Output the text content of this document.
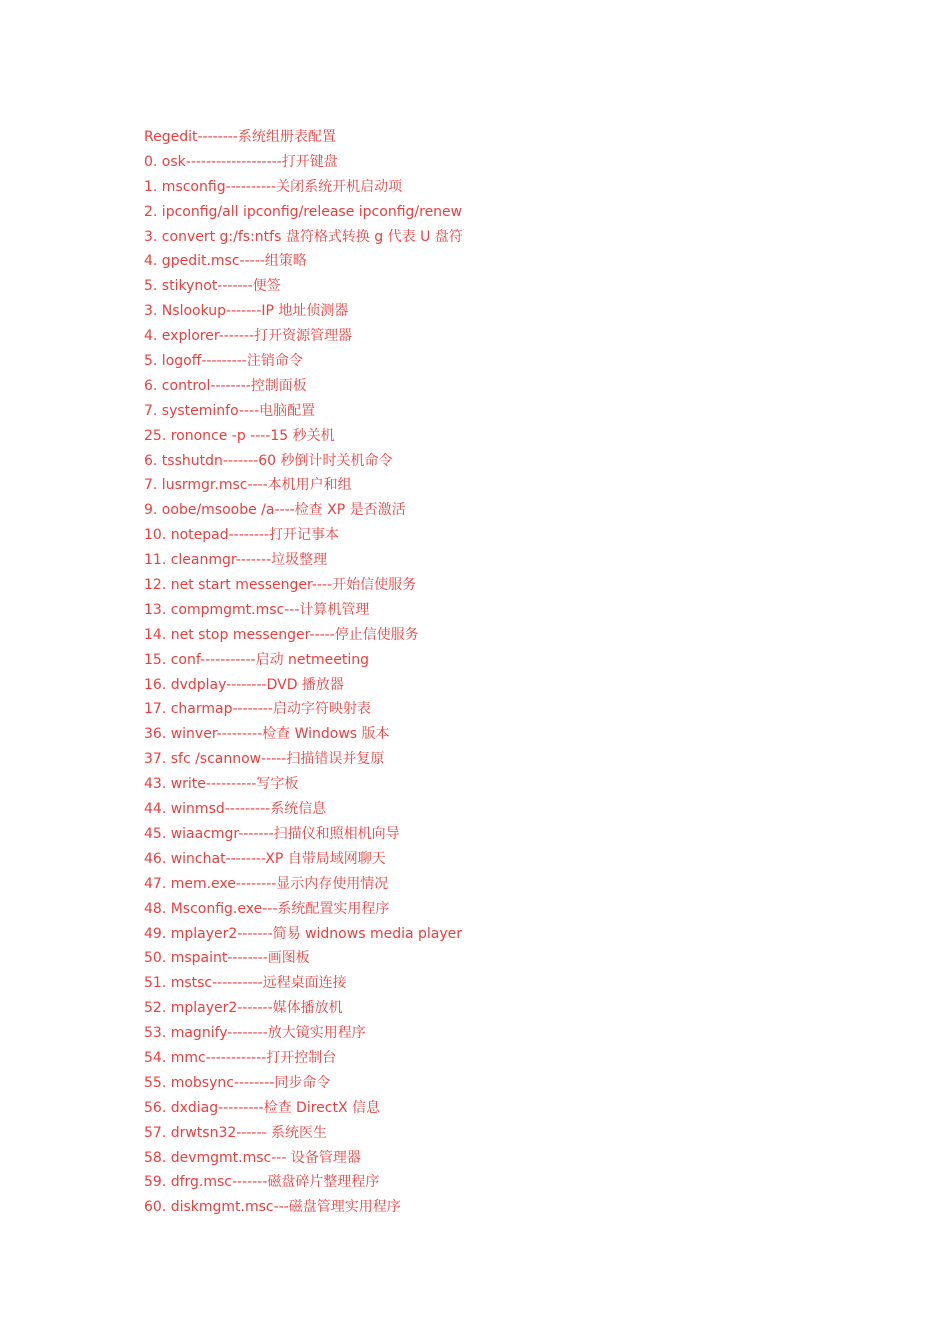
Regedit--------系统组册表配置
0. osk-------------------打开键盘
1. msconfig----------关闭系统开机启动项
2. ipconfig/all ipconfig/release ipconfig/renew
3. convert g:/fs:ntfs 盘符格式转换 g 代表 U 盘符
4. gpedit.msc-----组策略
5. stikynot-------便签
3. Nslookup-------IP 地址侦测器
4. explorer-------打开资源管理器
5. logoff---------注销命令
6. control--------控制面板
7. systeminfo----电脑配置
25. rononce -p ----15 秒关机
6. tsshutdn-------60 秒倒计时关机命令
7. lusrmgr.msc----本机用户和组
9. oobe/msoobe /a----检查 XP 是否激活
10. notepad--------打开记事本
11. cleanmgr-------垃圾整理
12. net start messenger----开始信使服务
13. compmgmt.msc---计算机管理
14. net stop messenger-----停止信使服务
15. conf-----------启动 netmeeting
16. dvdplay--------DVD 播放器
17. charmap--------启动字符映射表
36. winver---------检查 Windows 版本
37. sfc /scannow-----扫描错误并复原
43. write----------写字板
44. winmsd---------系统信息
45. wiaacmgr-------扫描仪和照相机向导
46. winchat--------XP 自带局域网聊天
47. mem.exe--------显示内存使用情况
48. Msconfig.exe---系统配置实用程序
49. mplayer2-------简易 widnows media player
50. mspaint--------画图板
51. mstsc----------远程桌面连接
52. mplayer2-------媒体播放机
53. magnify--------放大镜实用程序
54. mmc------------打开控制台
55. mobsync--------同步命令
56. dxdiag---------检查 DirectX 信息
57. drwtsn32------ 系统医生
58. devmgmt.msc--- 设备管理器
59. dfrg.msc-------磁盘碎片整理程序
60. diskmgmt.msc---磁盘管理实用程序
